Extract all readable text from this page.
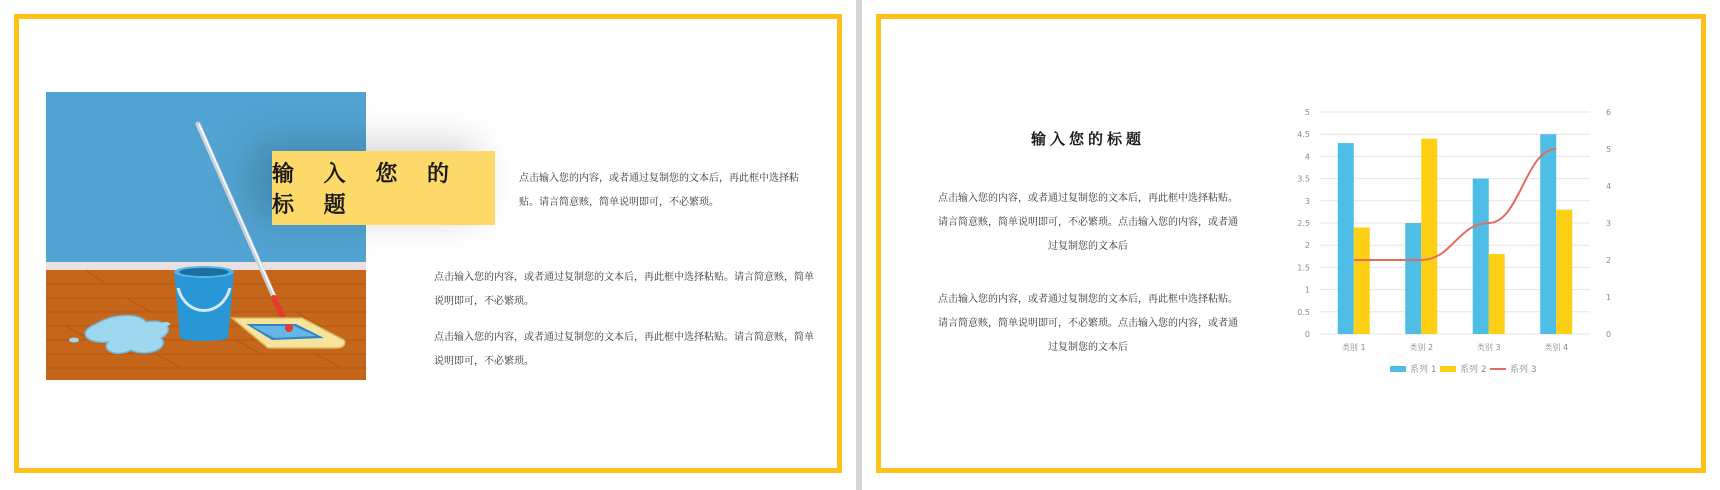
输 入 您 的 标 题
点击输入您的内容，或者通过复制您的文本后，再此框中选择粘
贴。请言简意赅，简单说明即可，不必繁琐。
点击输入您的内容，或者通过复制您的文本后，再此框中选择粘贴。请言简意赅，简单
说明即可，不必繁琐。
点击输入您的内容，或者通过复制您的文本后，再此框中选择粘贴。请言简意赅，简单
说明即可，不必繁琐。
输入您的标题
点击输入您的内容，或者通过复制您的文本后，再此框中选择粘贴。
请言简意赅，简单说明即可，不必繁琐。点击输入您的内容，或者通
过复制您的文本后
点击输入您的内容，或者通过复制您的文本后，再此框中选择粘贴。
请言简意赅，简单说明即可，不必繁琐。点击输入您的内容，或者通
过复制您的文本后
0
0.5
1
1.5
2
2.5
3
3.5
4
4.5
5
0
1
2
3
4
5
6
类别 1	类别 2	类别 3	类别 4
系列 1	系列 2	系列 3
